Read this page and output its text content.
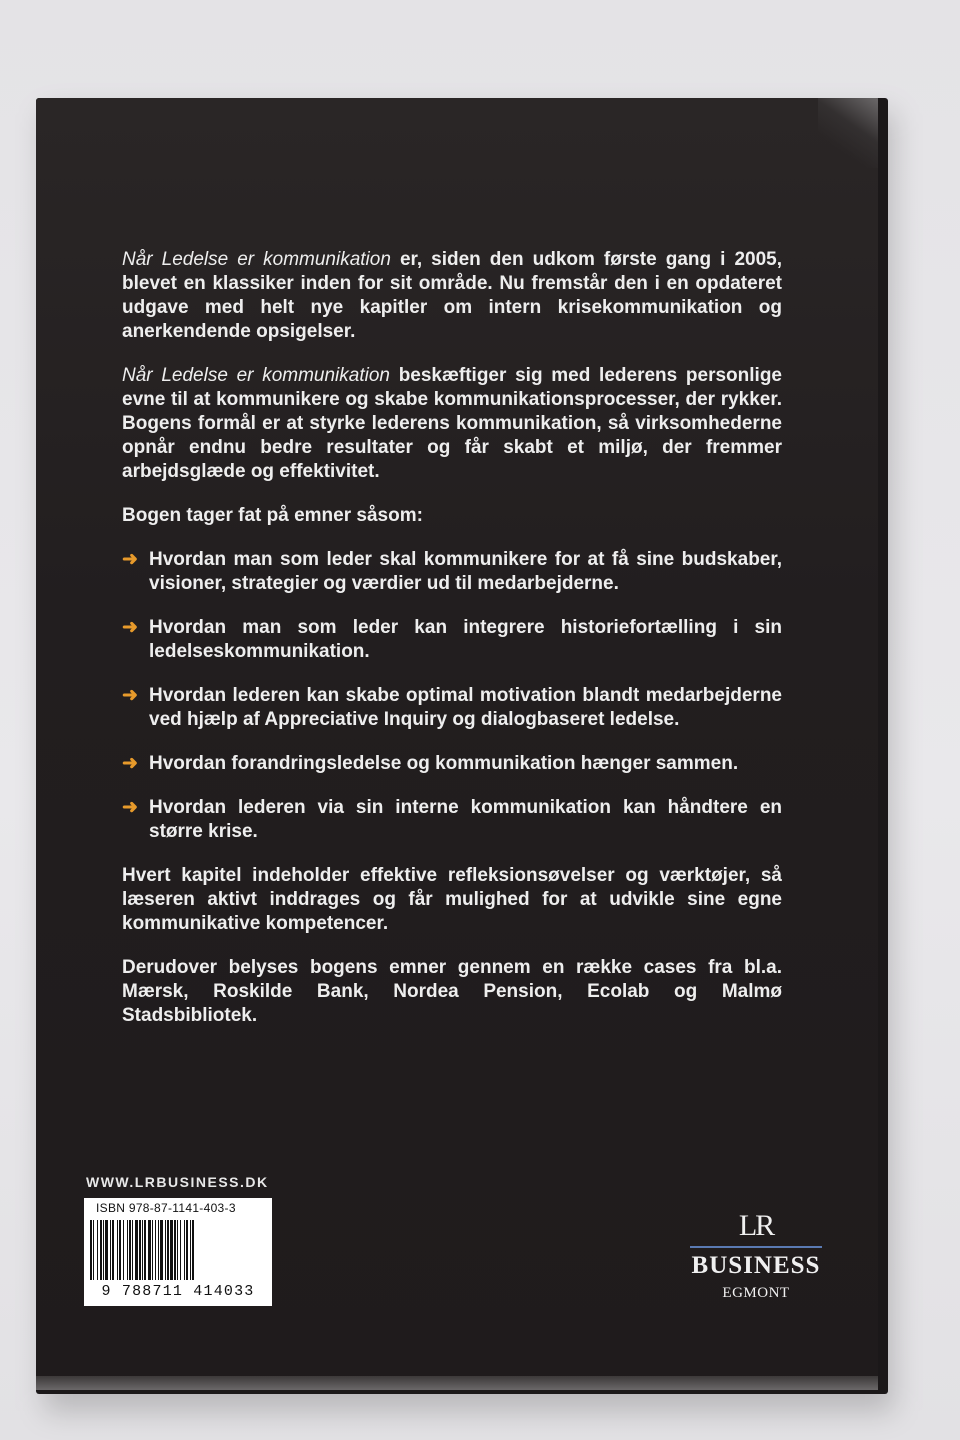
Når Ledelse er kommunikation er, siden den udkom første gang i 2005, blevet en klassiker inden for sit område. Nu fremstår den i en opdateret udgave med helt nye kapitler om intern krisekommunikation og anerkendende opsigelser.

Når Ledelse er kommunikation beskæftiger sig med lederens personlige evne til at kommunikere og skabe kommunikationsprocesser, der rykker. Bogens formål er at styrke lederens kommunikation, så virksomhederne opnår endnu bedre resultater og får skabt et miljø, der fremmer arbejdsglæde og effektivitet.

Bogen tager fat på emner såsom:

➜ Hvordan man som leder skal kommunikere for at få sine budskaber, visioner, strategier og værdier ud til medarbejderne.
➜ Hvordan man som leder kan integrere historiefortælling i sin ledelseskommunikation.
➜ Hvordan lederen kan skabe optimal motivation blandt medarbejderne ved hjælp af Appreciative Inquiry og dialogbaseret ledelse.
➜ Hvordan forandringsledelse og kommunikation hænger sammen.
➜ Hvordan lederen via sin interne kommunikation kan håndtere en større krise.

Hvert kapitel indeholder effektive refleksionsøvelser og værktøjer, så læseren aktivt inddrages og får mulighed for at udvikle sine egne kommunikative kompetencer.

Derudover belyses bogens emner gennem en række cases fra bl.a. Mærsk, Roskilde Bank, Nordea Pension, Ecolab og Malmø Stadsbibliotek.

WWW.LRBUSINESS.DK
ISBN 978-87-1141-403-3
9 788711 414033
LR
BUSINESS
EGMONT
